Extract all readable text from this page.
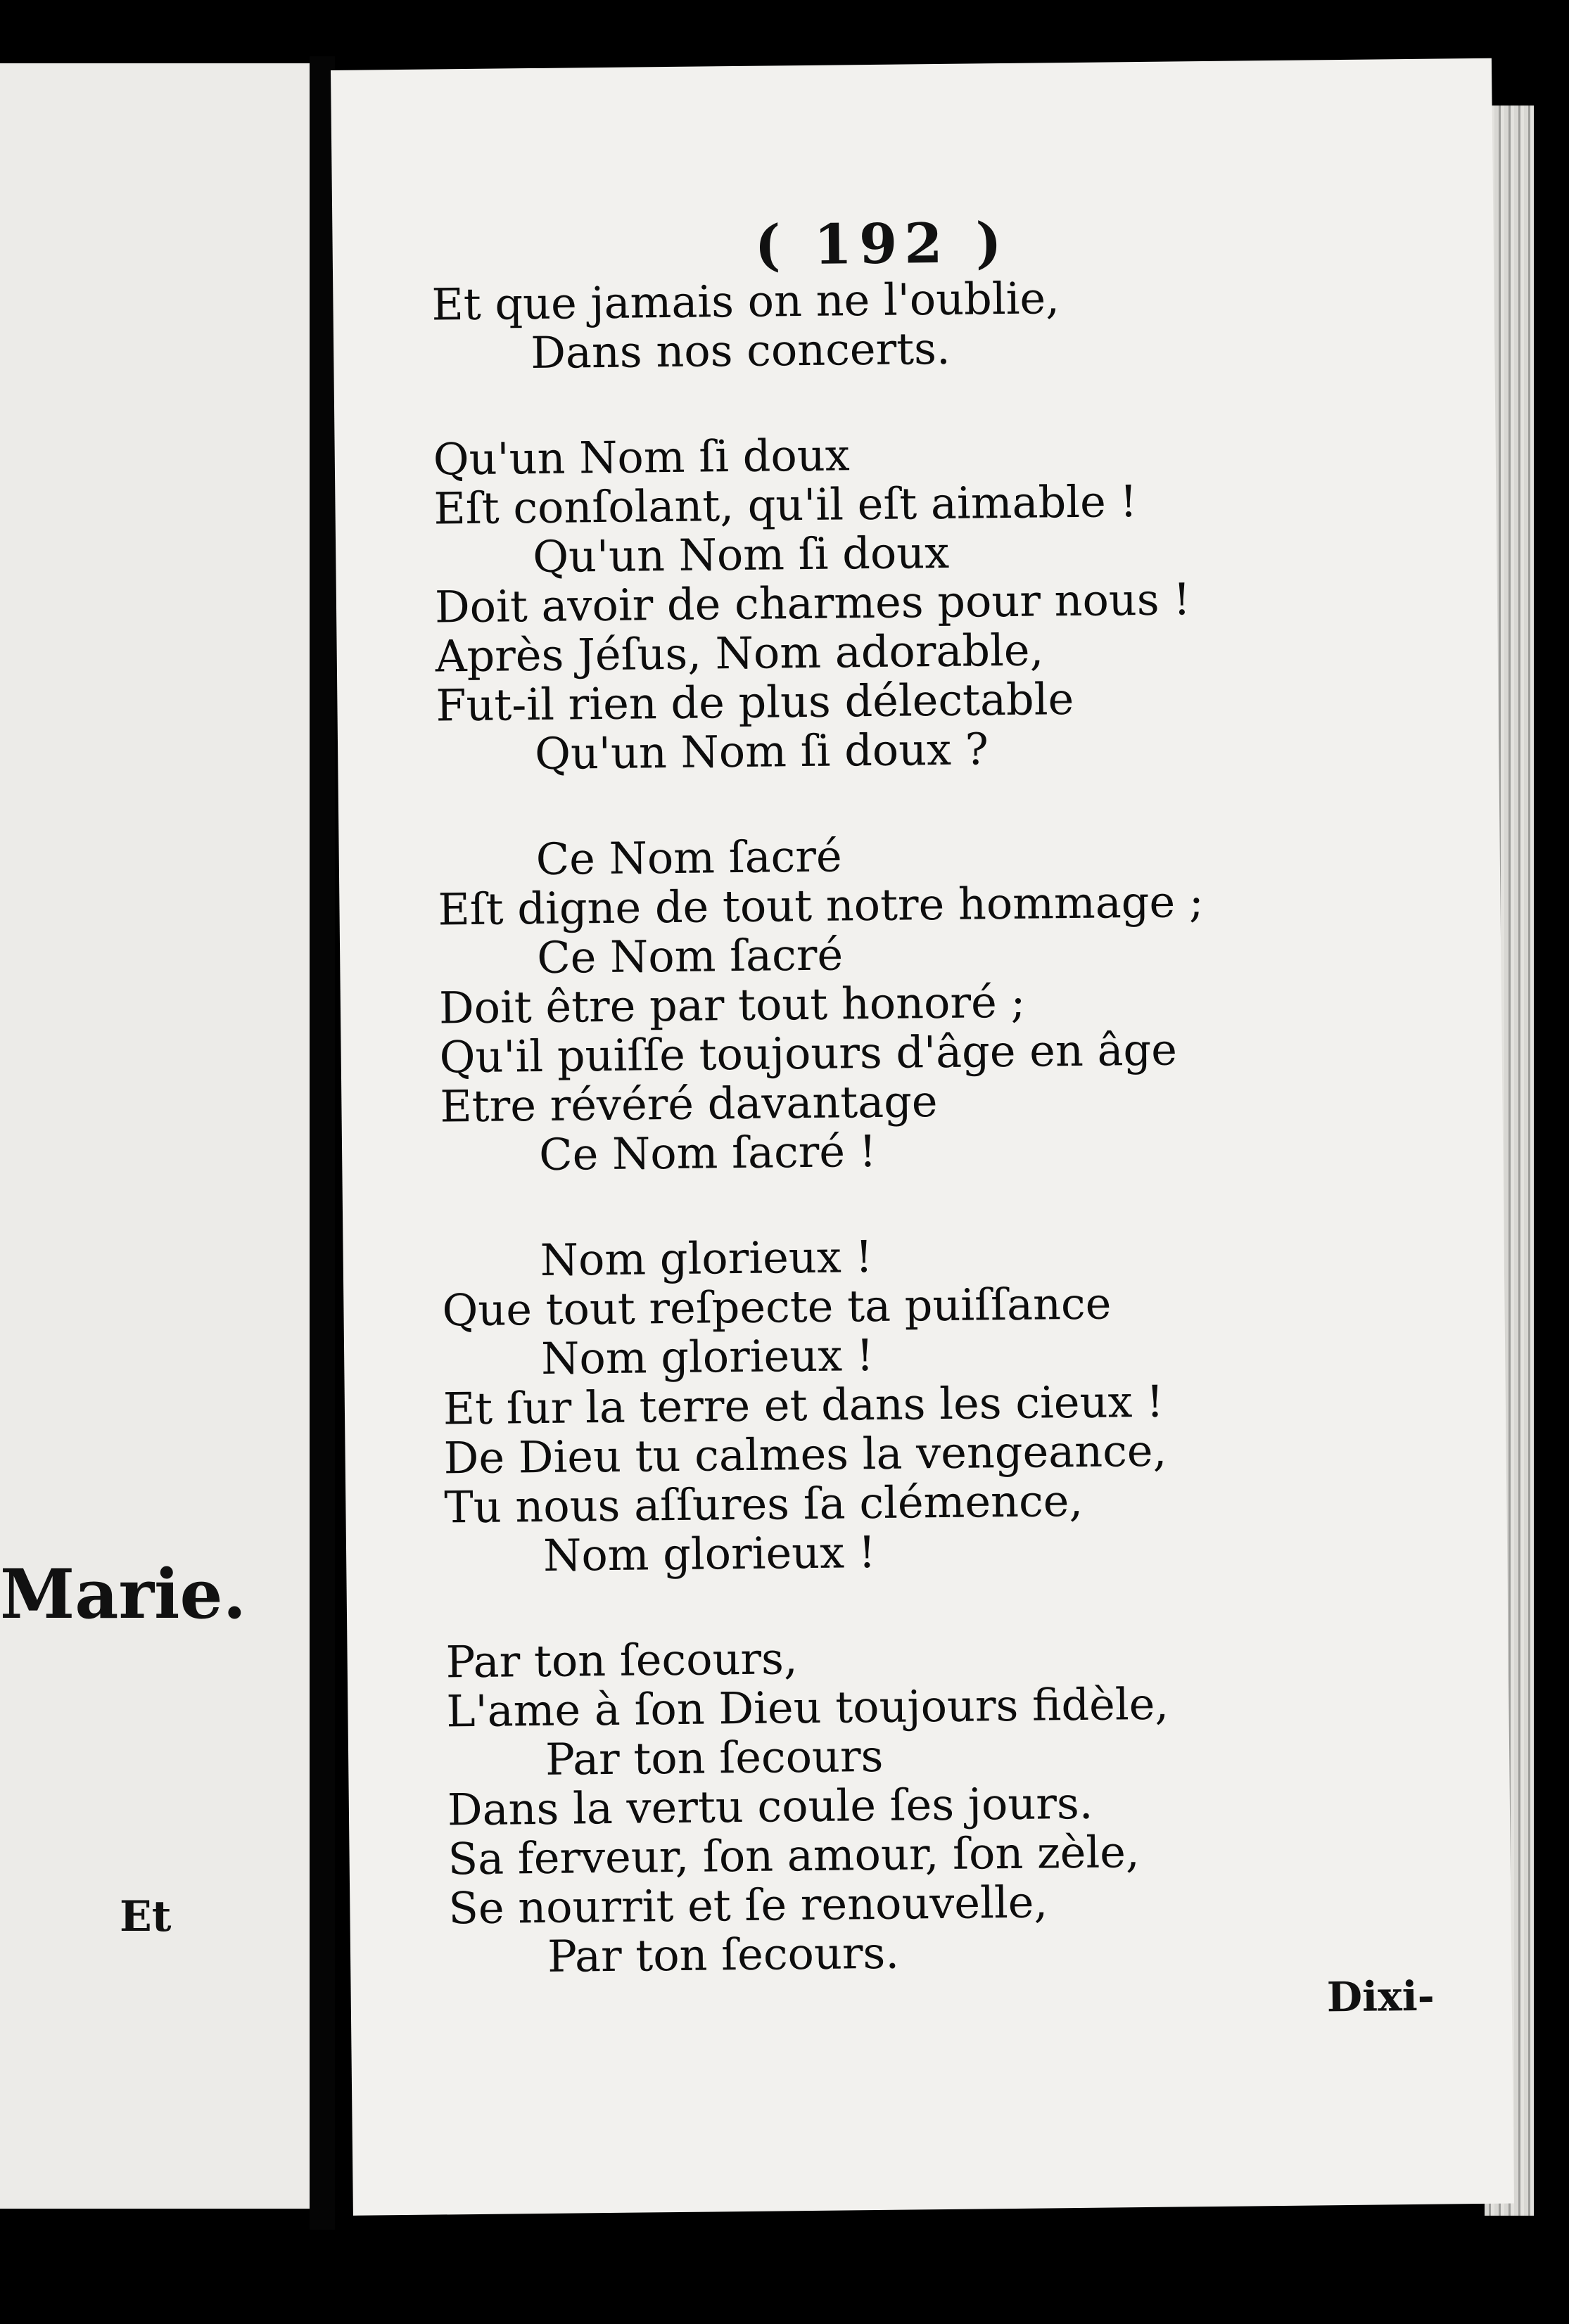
Marie.
Et
( 192 )
Et que jamais on ne l'oublie,
Dans nos concerts.
Qu'un Nom ſi doux
Eſt conſolant, qu'il eſt aimable !
Qu'un Nom ſi doux
Doit avoir de charmes pour nous !
Après Jéſus, Nom adorable,
Fut-il rien de plus délectable
Qu'un Nom ſi doux ?
Ce Nom ſacré
Eſt digne de tout notre hommage ;
Ce Nom ſacré
Doit être par tout honoré ;
Qu'il puiſſe toujours d'âge en âge
Etre révéré davantage
Ce Nom ſacré !
Nom glorieux !
Que tout reſpecte ta puiſſance
Nom glorieux !
Et ſur la terre et dans les cieux !
De Dieu tu calmes la vengeance,
Tu nous aſſures ſa clémence,
Nom glorieux !
Par ton ſecours,
L'ame à ſon Dieu toujours fidèle,
Par ton ſecours
Dans la vertu coule ſes jours.
Sa ferveur, ſon amour, ſon zèle,
Se nourrit et ſe renouvelle,
Par ton ſecours.
Dixi-
